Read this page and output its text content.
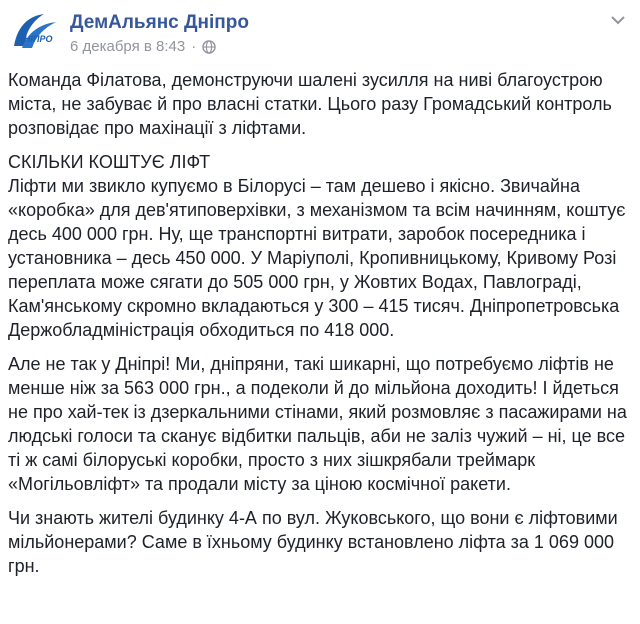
ДНІПРО
ДемАльянс Дніпро
6 декабря в 8:43 ·

Команда Філатова, демонструючи шалені зусилля на ниві благоустрою міста, не забуває й про власні статки. Цього разу Громадський контроль розповідає про махінації з ліфтами.

СКІЛЬКИ КОШТУЄ ЛІФТ
Ліфти ми звикло купуємо в Білорусі – там дешево і якісно. Звичайна «коробка» для дев'ятиповерхівки, з механізмом та всім начинням, коштує десь 400 000 грн. Ну, ще транспортні витрати, заробок посередника і установника – десь 450 000. У Маріуполі, Кропивницькому, Кривому Розі переплата може сягати до 505 000 грн, у Жовтих Водах, Павлограді, Кам'янському скромно вкладаються у 300 – 415 тисяч. Дніпропетровська Держобладміністрація обходиться по 418 000.

Але не так у Дніпрі! Ми, дніпряни, такі шикарні, що потребуємо ліфтів не менше ніж за 563 000 грн., а подеколи й до мільйона доходить! І йдеться не про хай-тек із дзеркальними стінами, який розмовляє з пасажирами на людські голоси та сканує відбитки пальців, аби не заліз чужий – ні, це все ті ж самі білоруські коробки, просто з них зішкрябали треймарк «Могільовліфт» та продали місту за ціною космічної ракети.

Чи знають жителі будинку 4-А по вул. Жуковського, що вони є ліфтовими мільйонерами? Саме в їхньому будинку встановлено ліфта за 1 069 000 грн.
